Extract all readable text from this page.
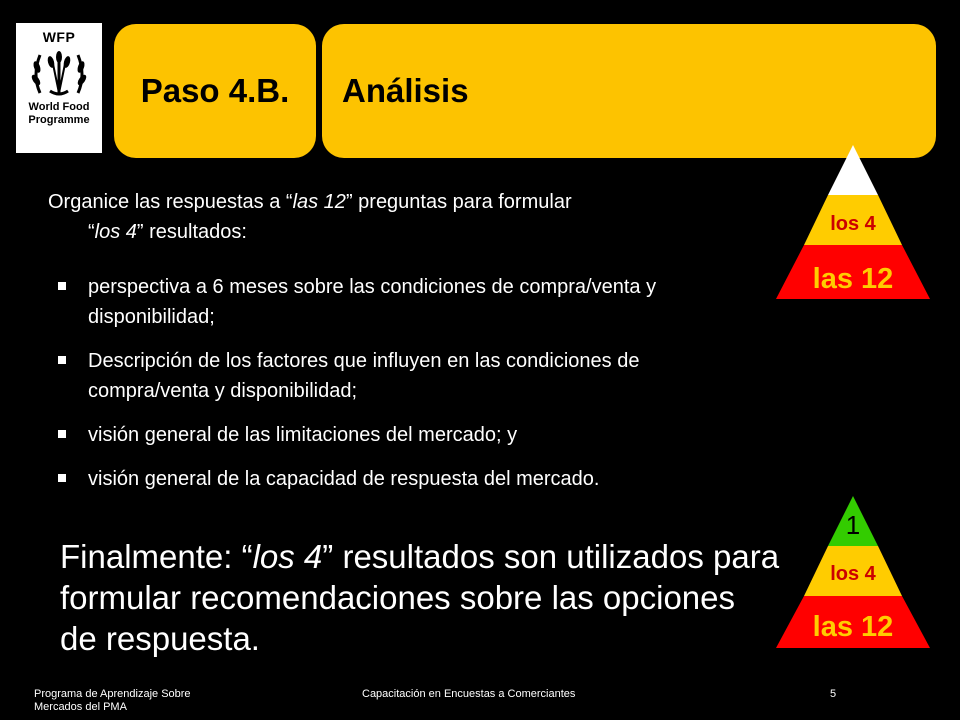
WFP
World Food
Programme
Paso 4.B. Análisis
Organice las respuestas a “las 12” preguntas para formular
“los 4” resultados:
perspectiva a 6 meses sobre las condiciones de compra/venta y disponibilidad;
Descripción de los factores que influyen en las condiciones de compra/venta y disponibilidad;
visión general de las limitaciones del mercado; y
visión general de la capacidad de respuesta del mercado.
Finalmente: “los 4” resultados son utilizados para formular recomendaciones sobre las opciones de respuesta.
los 4
las 12
1
los 4
las 12
Programa de Aprendizaje Sobre
Mercados del PMA
Capacitación en Encuestas a Comerciantes	5
